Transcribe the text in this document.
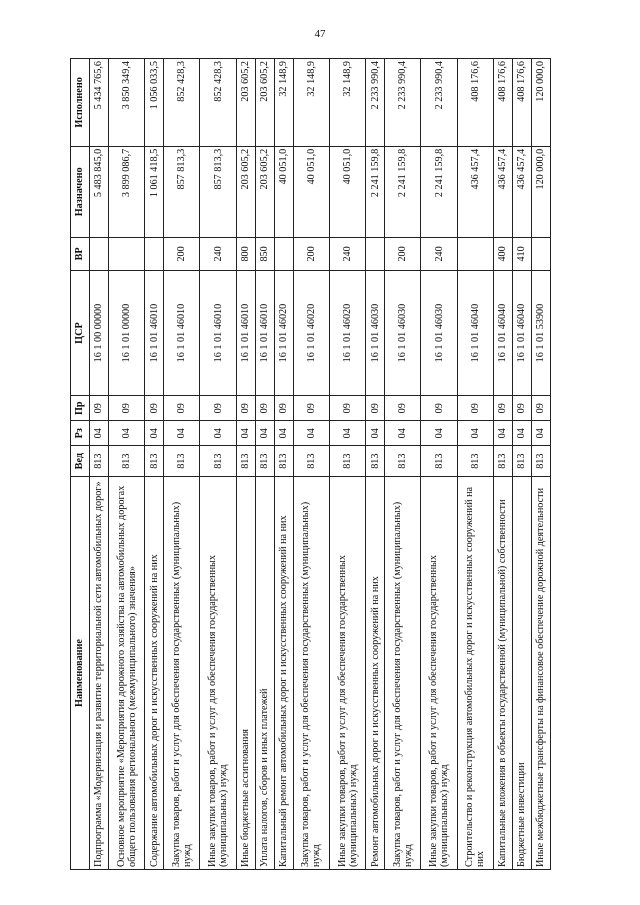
47
Наименование	Вед	Рз	Пр	ЦСР	ВР	Назначено	Исполнено
Подпрограмма «Модернизация и развитие территориальной сети автомобильных дорог»	813	04	09	16 1 00 00000		5 483 845,0	5 434 765,6
Основное мероприятие «Мероприятия дорожного хозяйства на автомобильных дорогах общего пользования регионального (межмуниципального) значения»	813	04	09	16 1 01 00000		3 899 086,7	3 850 349,4
Содержание автомобильных дорог и искусственных сооружений на них	813	04	09	16 1 01 46010		1 061 418,5	1 056 033,5
Закупка товаров, работ и услуг для обеспечения государственных (муниципальных) нужд	813	04	09	16 1 01 46010	200	857 813,3	852 428,3
Иные закупки товаров, работ и услуг для обеспечения государственных (муниципальных) нужд	813	04	09	16 1 01 46010	240	857 813,3	852 428,3
Иные бюджетные ассигнования	813	04	09	16 1 01 46010	800	203 605,2	203 605,2
Уплата налогов, сборов и иных платежей	813	04	09	16 1 01 46010	850	203 605,2	203 605,2
Капитальный ремонт автомобильных дорог и искусственных сооружений на них	813	04	09	16 1 01 46020		40 051,0	32 148,9
Закупка товаров, работ и услуг для обеспечения государственных (муниципальных) нужд	813	04	09	16 1 01 46020	200	40 051,0	32 148,9
Иные закупки товаров, работ и услуг для обеспечения государственных (муниципальных) нужд	813	04	09	16 1 01 46020	240	40 051,0	32 148,9
Ремонт автомобильных дорог и искусственных сооружений на них	813	04	09	16 1 01 46030		2 241 159,8	2 233 990,4
Закупка товаров, работ и услуг для обеспечения государственных (муниципальных) нужд	813	04	09	16 1 01 46030	200	2 241 159,8	2 233 990,4
Иные закупки товаров, работ и услуг для обеспечения государственных (муниципальных) нужд	813	04	09	16 1 01 46030	240	2 241 159,8	2 233 990,4
Строительство и реконструкция автомобильных дорог и искусственных сооружений на них	813	04	09	16 1 01 46040		436 457,4	408 176,6
Капитальные вложения в объекты государственной (муниципальной) собственности	813	04	09	16 1 01 46040	400	436 457,4	408 176,6
Бюджетные инвестиции	813	04	09	16 1 01 46040	410	436 457,4	408 176,6
Иные межбюджетные трансферты на финансовое обеспечение дорожной деятельности	813	04	09	16 1 01 53900		120 000,0	120 000,0
